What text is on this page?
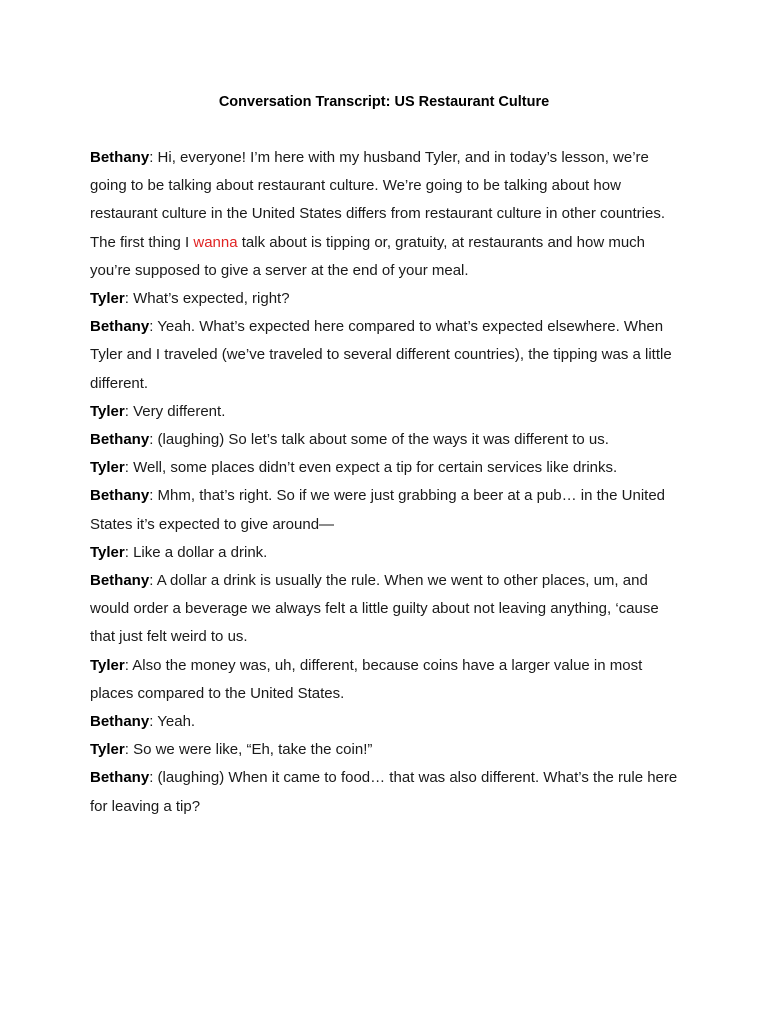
Conversation Transcript: US Restaurant Culture

Bethany: Hi, everyone! I’m here with my husband Tyler, and in today’s lesson, we’re going to be talking about restaurant culture. We’re going to be talking about how restaurant culture in the United States differs from restaurant culture in other countries. The first thing I wanna talk about is tipping or, gratuity, at restaurants and how much you’re supposed to give a server at the end of your meal.

Tyler: What’s expected, right?

Bethany: Yeah. What’s expected here compared to what’s expected elsewhere. When Tyler and I traveled (we’ve traveled to several different countries), the tipping was a little different.

Tyler: Very different.

Bethany: (laughing) So let’s talk about some of the ways it was different to us.

Tyler: Well, some places didn’t even expect a tip for certain services like drinks.

Bethany: Mhm, that’s right. So if we were just grabbing a beer at a pub… in the United States it’s expected to give around—

Tyler: Like a dollar a drink.

Bethany: A dollar a drink is usually the rule. When we went to other places, um, and would order a beverage we always felt a little guilty about not leaving anything, ‘cause that just felt weird to us.

Tyler: Also the money was, uh, different, because coins have a larger value in most places compared to the United States.

Bethany: Yeah.

Tyler: So we were like, “Eh, take the coin!”

Bethany: (laughing) When it came to food… that was also different. What’s the rule here for leaving a tip?
